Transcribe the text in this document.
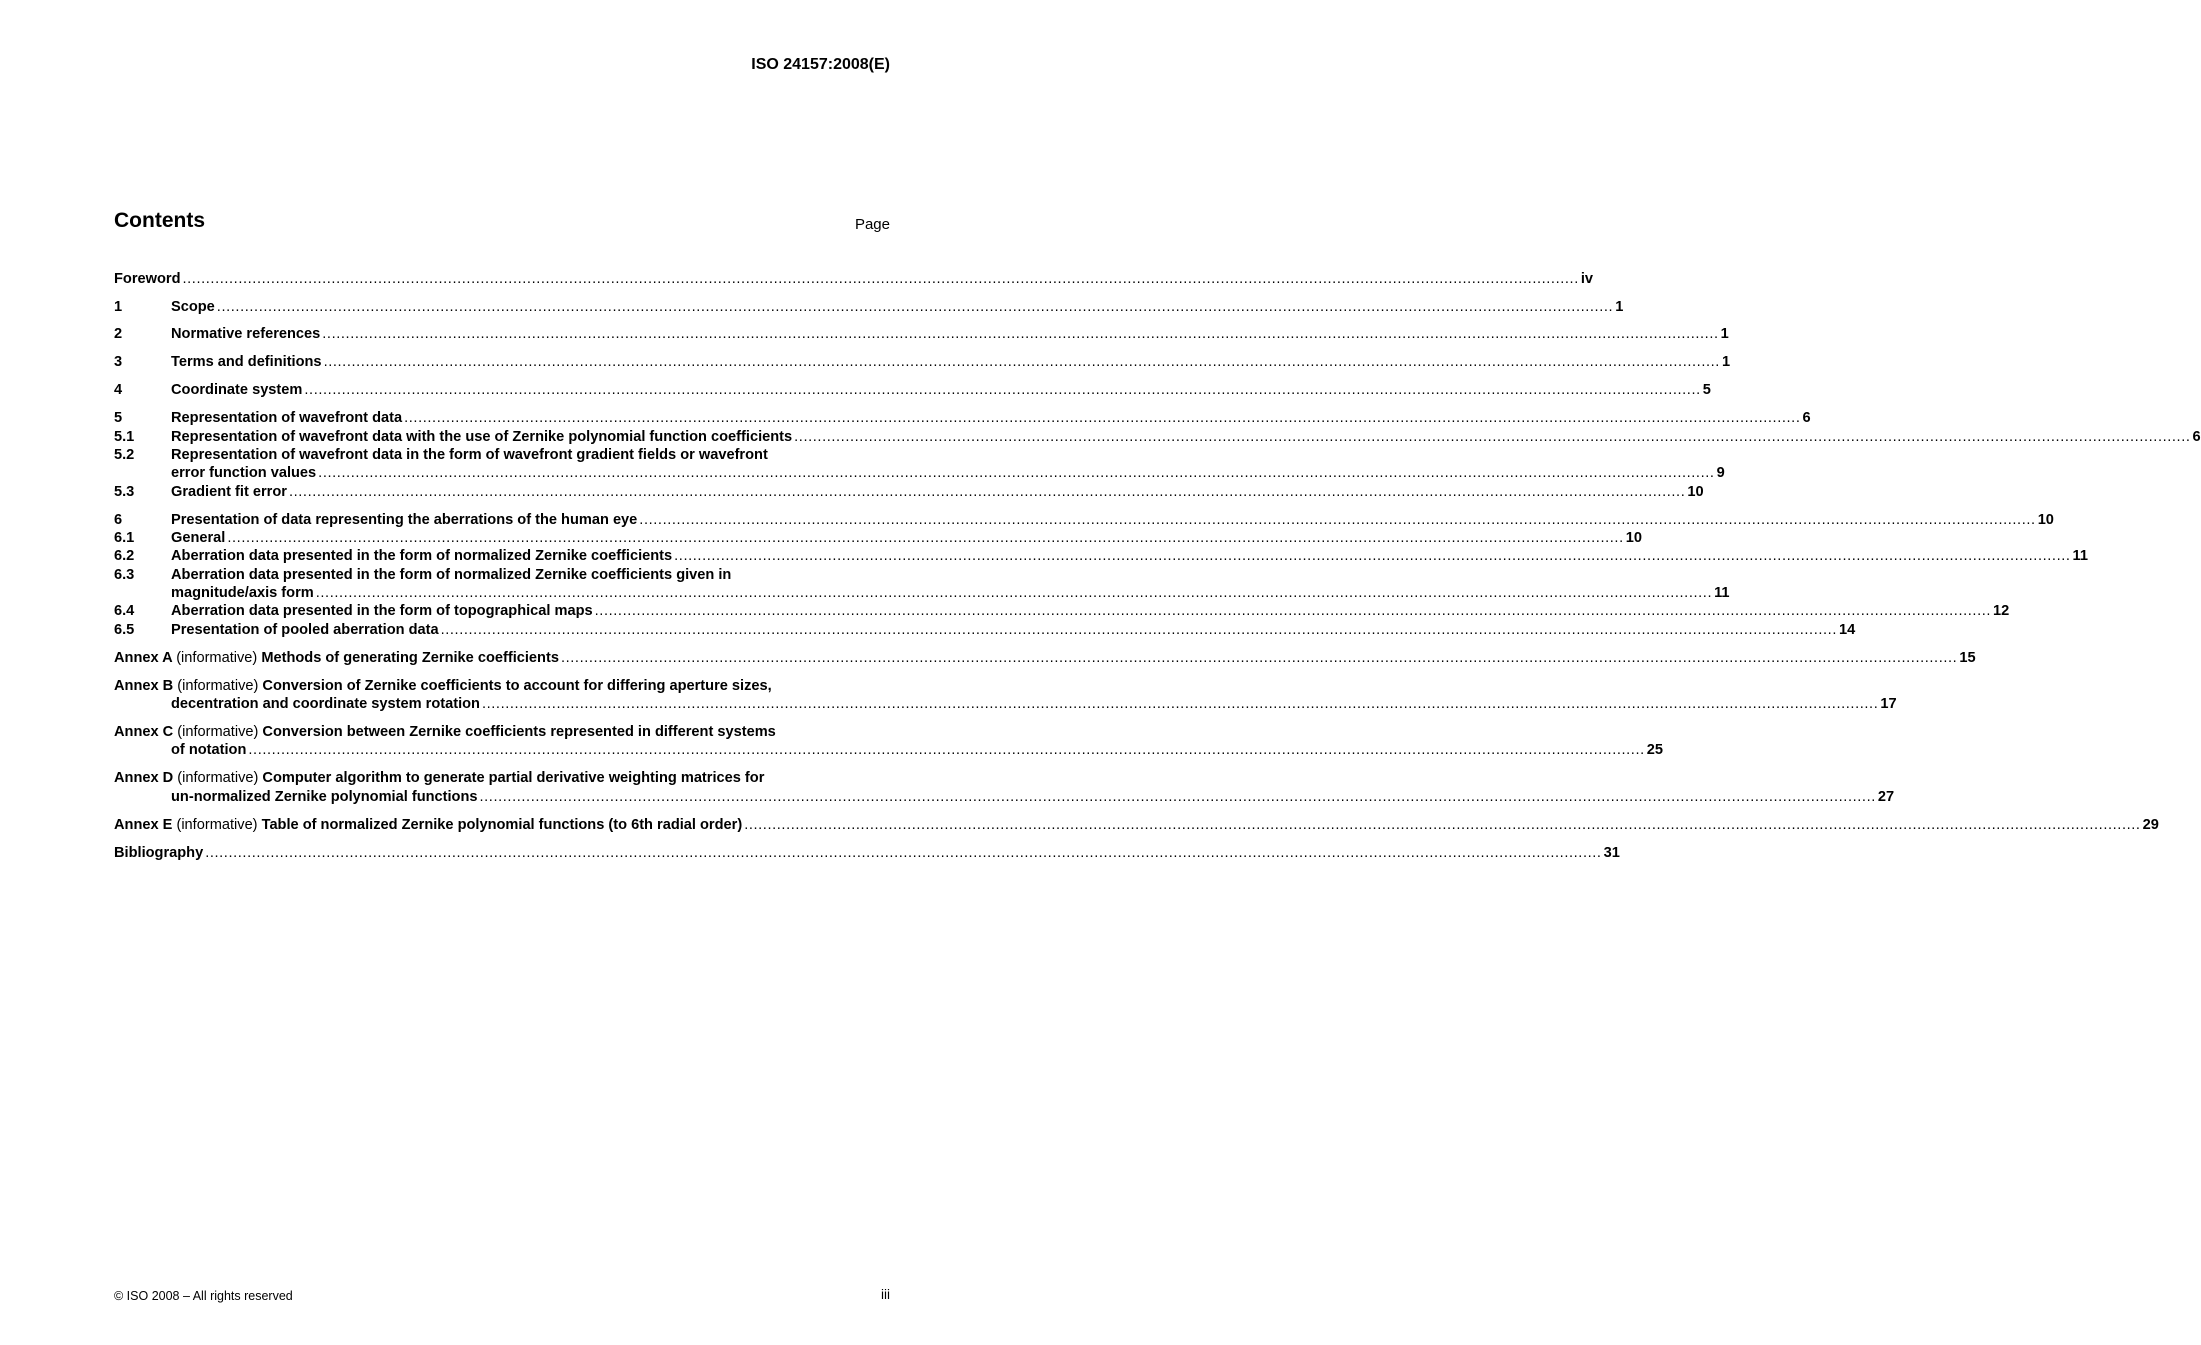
ISO 24157:2008(E)
Contents	Page
Foreword ............................................................................................................................................................................................................................................................................................................ iv
1	Scope ............................................................................................................................................................................................................................................................................................................ 1
2	Normative references ............................................................................................................................................................................................................................................................................................................ 1
3	Terms and definitions ............................................................................................................................................................................................................................................................................................................ 1
4	Coordinate system ............................................................................................................................................................................................................................................................................................................ 5
5	Representation of wavefront data ............................................................................................................................................................................................................................................................................................................ 6
5.1	Representation of wavefront data with the use of Zernike polynomial function coefficients ............................................................................................................................................................................................................................................................................................................ 6
5.2	Representation of wavefront data in the form of wavefront gradient fields or wavefront
error function values ............................................................................................................................................................................................................................................................................................................ 9
5.3	Gradient fit error ............................................................................................................................................................................................................................................................................................................ 10
6	Presentation of data representing the aberrations of the human eye ............................................................................................................................................................................................................................................................................................................ 10
6.1	General ............................................................................................................................................................................................................................................................................................................ 10
6.2	Aberration data presented in the form of normalized Zernike coefficients ............................................................................................................................................................................................................................................................................................................ 11
6.3	Aberration data presented in the form of normalized Zernike coefficients given in
magnitude/axis form ............................................................................................................................................................................................................................................................................................................ 11
6.4	Aberration data presented in the form of topographical maps ............................................................................................................................................................................................................................................................................................................ 12
6.5	Presentation of pooled aberration data ............................................................................................................................................................................................................................................................................................................ 14
Annex A (informative) Methods of generating Zernike coefficients ............................................................................................................................................................................................................................................................................................................ 15
Annex B (informative) Conversion of Zernike coefficients to account for differing aperture sizes,
decentration and coordinate system rotation ............................................................................................................................................................................................................................................................................................................ 17
Annex C (informative) Conversion between Zernike coefficients represented in different systems
of notation ............................................................................................................................................................................................................................................................................................................ 25
Annex D (informative) Computer algorithm to generate partial derivative weighting matrices for
un-normalized Zernike polynomial functions ............................................................................................................................................................................................................................................................................................................ 27
Annex E (informative) Table of normalized Zernike polynomial functions (to 6th radial order) ............................................................................................................................................................................................................................................................................................................ 29
Bibliography ............................................................................................................................................................................................................................................................................................................ 31
© ISO 2008 – All rights reserved	iii
